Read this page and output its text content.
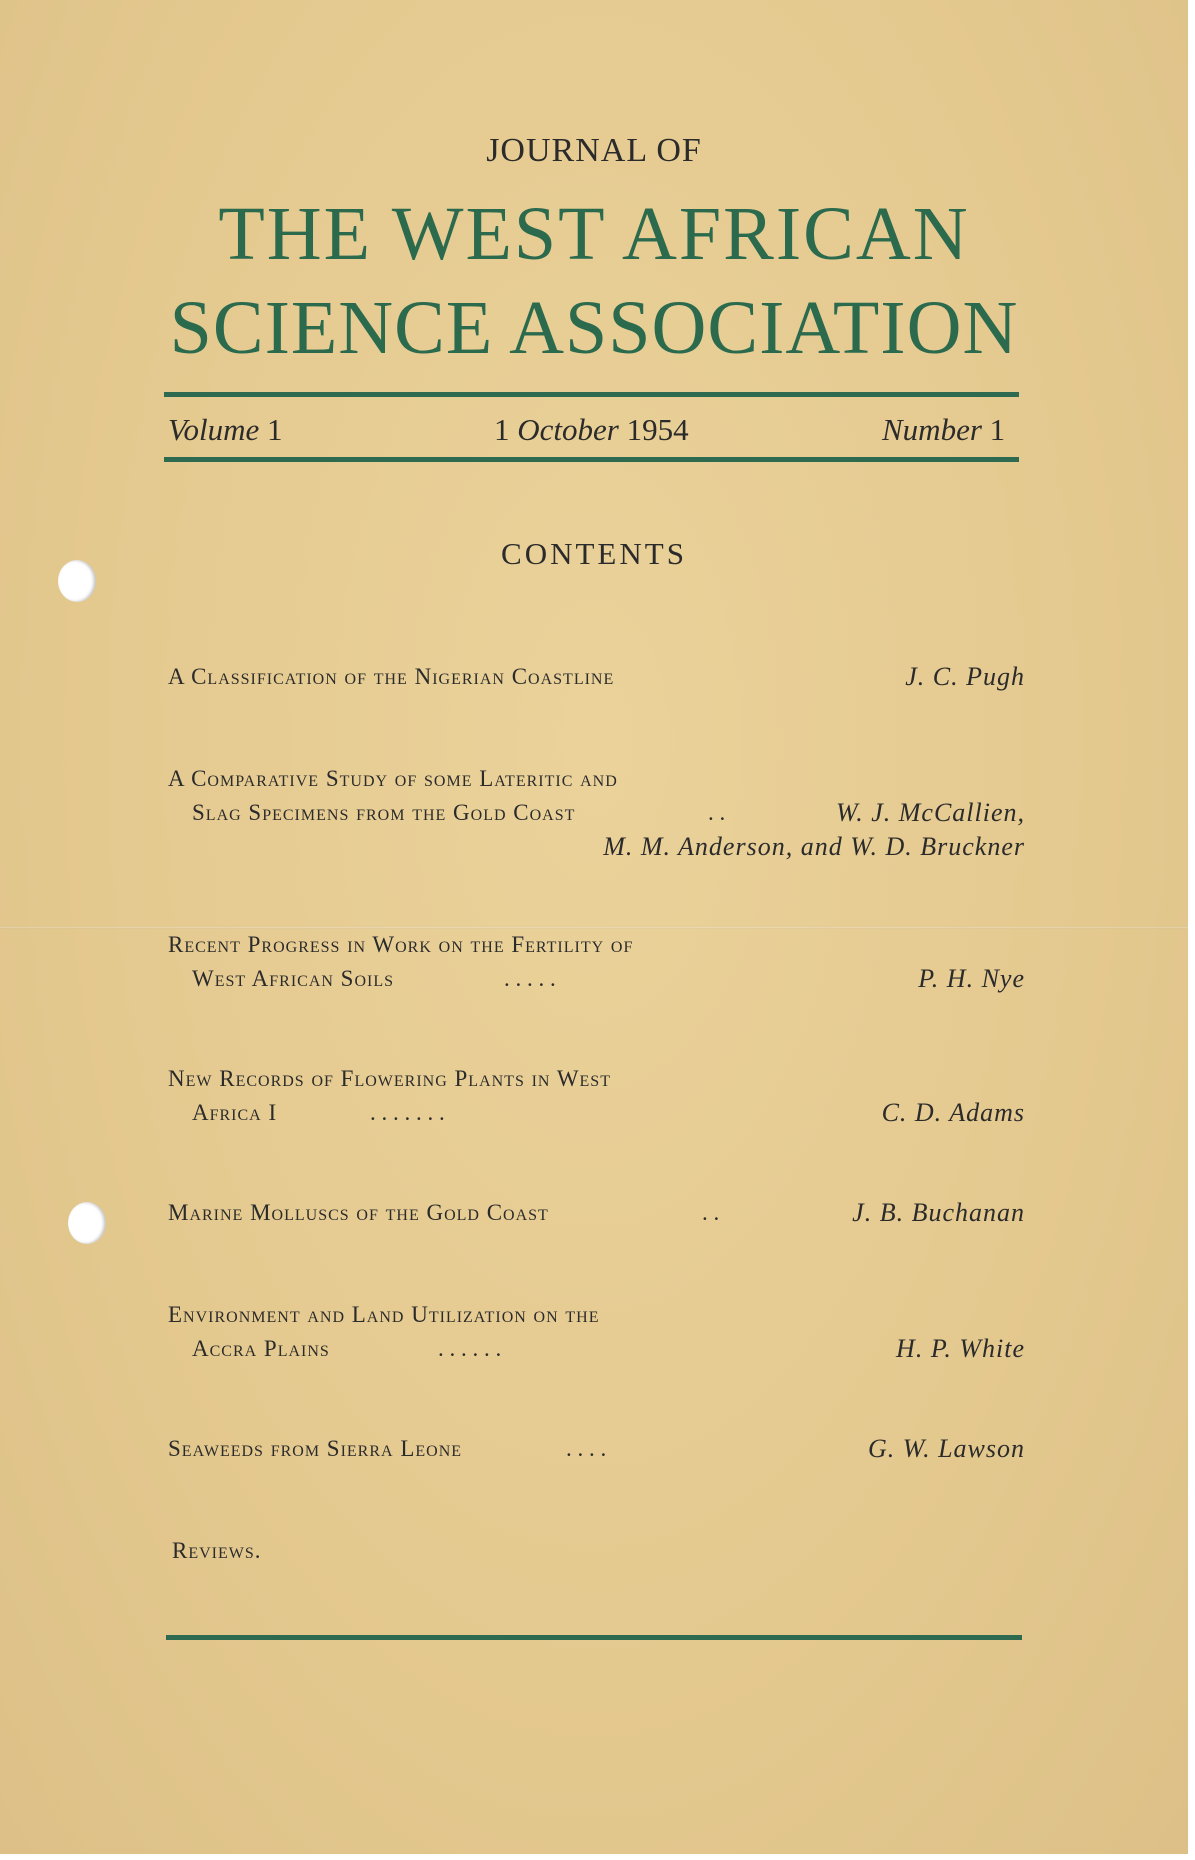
JOURNAL OF
THE WEST AFRICAN
SCIENCE ASSOCIATION
Volume 1	1 October 1954	Number 1
CONTENTS
A Classification of the Nigerian Coastline	J. C. Pugh
A Comparative Study of some Lateritic and
Slag Specimens from the Gold Coast	. .	W. J. McCallien,
M. M. Anderson, and W. D. Bruckner
Recent Progress in Work on the Fertility of
West African Soils	. . . . .	P. H. Nye
New Records of Flowering Plants in West
Africa I	. . . . . . .	C. D. Adams
Marine Molluscs of the Gold Coast	. .	J. B. Buchanan
Environment and Land Utilization on the
Accra Plains	. . . . . .	H. P. White
Seaweeds from Sierra Leone	. . . .	G. W. Lawson
Reviews.
